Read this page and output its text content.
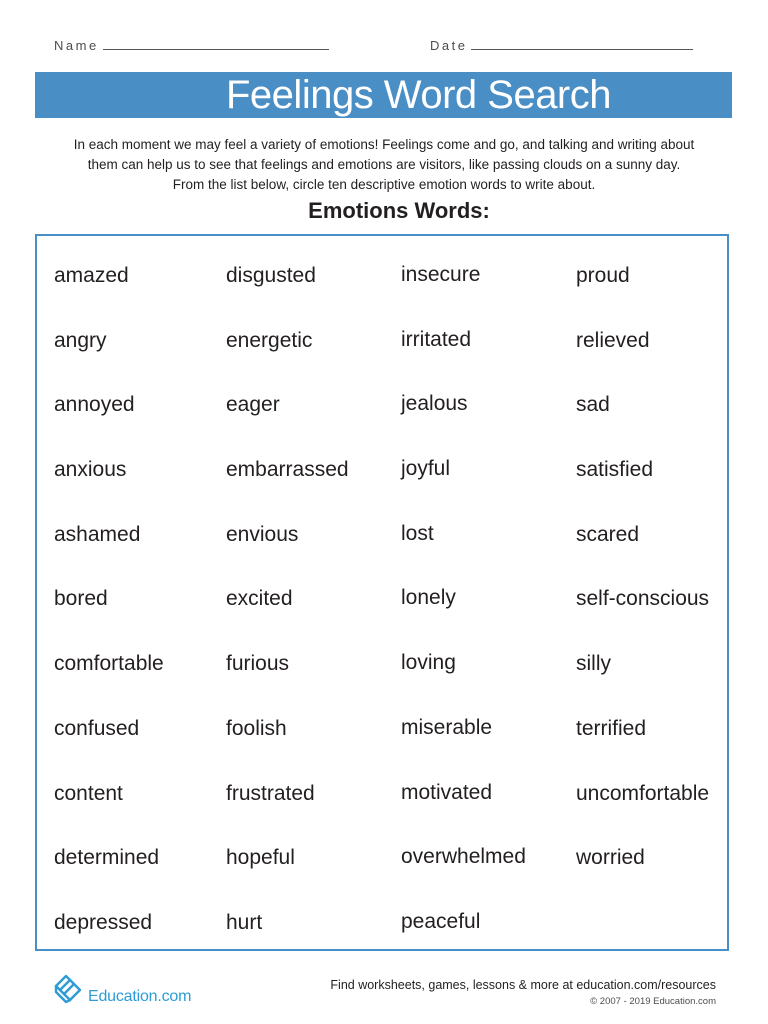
Name	Date
Feelings Word Search

In each moment we may feel a variety of emotions! Feelings come and go, and talking and writing about

them can help us to see that feelings and emotions are visitors, like passing clouds on a sunny day.

From the list below, circle ten descriptive emotion words to write about.

Emotions Words:
amazed
angry
annoyed
anxious
ashamed
bored
comfortable
confused
content
determined
depressed
disgusted
energetic
eager
embarrassed
envious
excited
furious
foolish
frustrated
hopeful
hurt
insecure
irritated
jealous
joyful
lost
lonely
loving
miserable
motivated
overwhelmed
peaceful
proud
relieved
sad
satisfied
scared
self-conscious
silly
terrified
uncomfortable
worried
Education.com
Find worksheets, games, lessons & more at education.com/resources
© 2007 - 2019 Education.com
